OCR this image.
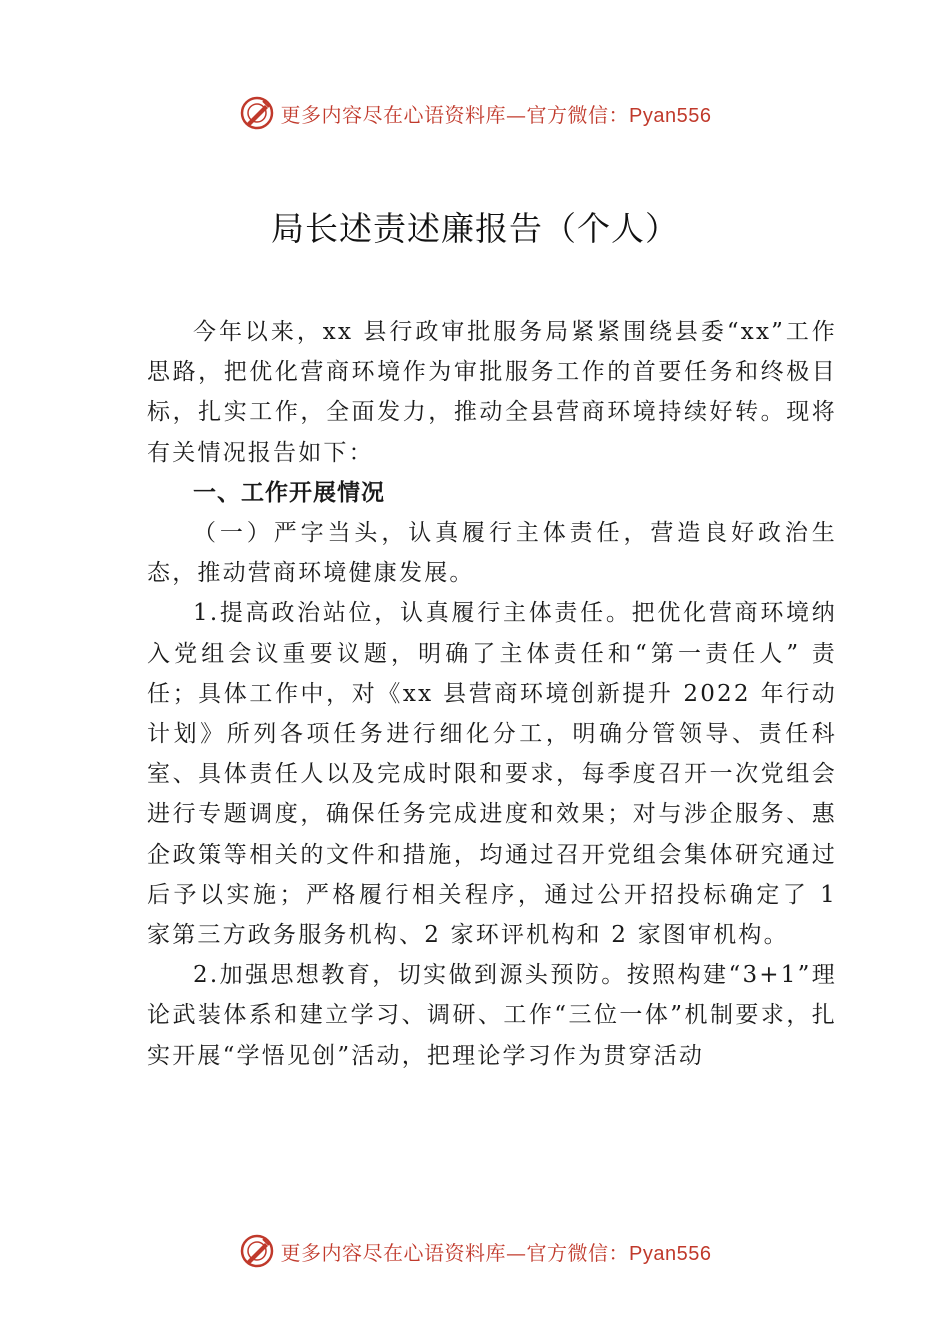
更多内容尽在心语资料库—官方微信：Pyan556
局长述责述廉报告（个人）

今年以来，xx 县行政审批服务局紧紧围绕县委“xx”工作思路，把优化营商环境作为审批服务工作的首要任务和终极目标，扎实工作，全面发力，推动全县营商环境持续好转。现将有关情况报告如下：

一、工作开展情况

（一）严字当头，认真履行主体责任，营造良好政治生态，推动营商环境健康发展。

1.提高政治站位，认真履行主体责任。把优化营商环境纳入党组会议重要议题，明确了主体责任和“第一责任人” 责任；具体工作中，对《xx 县营商环境创新提升 2022 年行动计划》所列各项任务进行细化分工，明确分管领导、责任科室、具体责任人以及完成时限和要求，每季度召开一次党组会进行专题调度，确保任务完成进度和效果；对与涉企服务、惠企政策等相关的文件和措施，均通过召开党组会集体研究通过后予以实施；严格履行相关程序，通过公开招投标确定了 1 家第三方政务服务机构、2 家环评机构和 2 家图审机构。

2.加强思想教育，切实做到源头预防。按照构建“3+1”理论武装体系和建立学习、调研、工作“三位一体”机制要求，扎实开展“学悟见创”活动，把理论学习作为贯穿活动

更多内容尽在心语资料库—官方微信：Pyan556
